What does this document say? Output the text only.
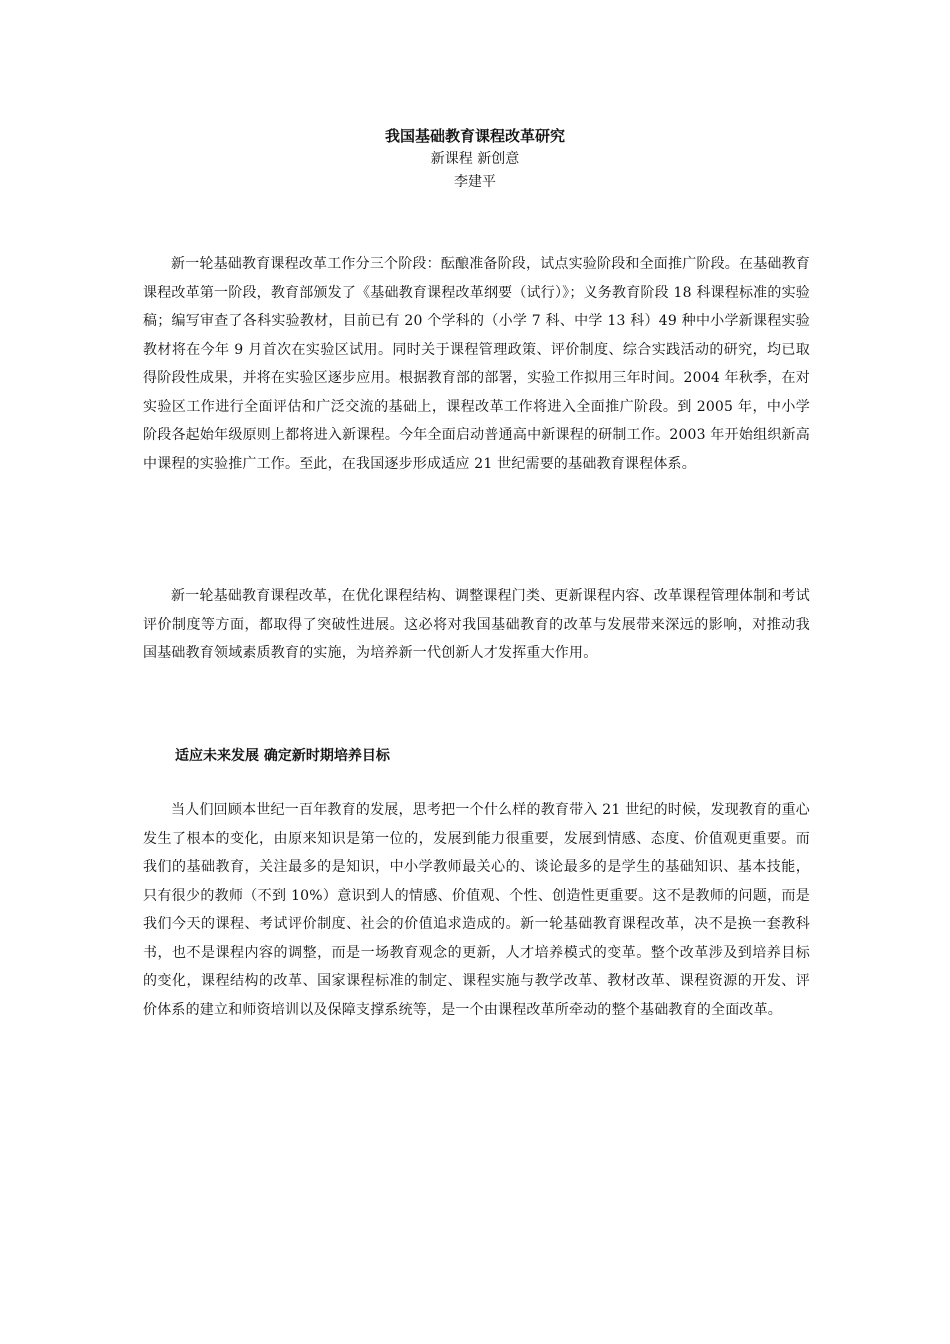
我国基础教育课程改革研究

新课程 新创意

李建平

新一轮基础教育课程改革工作分三个阶段：酝酿准备阶段，试点实验阶段和全面推广阶段。在基础教育课程改革第一阶段，教育部颁发了《基础教育课程改革纲要（试行）》；义务教育阶段 18 科课程标准的实验稿；编写审查了各科实验教材，目前已有 20 个学科的（小学 7 科、中学 13 科）49 种中小学新课程实验教材将在今年 9 月首次在实验区试用。同时关于课程管理政策、评价制度、综合实践活动的研究，均已取得阶段性成果，并将在实验区逐步应用。根据教育部的部署，实验工作拟用三年时间。2004 年秋季，在对实验区工作进行全面评估和广泛交流的基础上，课程改革工作将进入全面推广阶段。到 2005 年，中小学阶段各起始年级原则上都将进入新课程。今年全面启动普通高中新课程的研制工作。2003 年开始组织新高中课程的实验推广工作。至此，在我国逐步形成适应 21 世纪需要的基础教育课程体系。

新一轮基础教育课程改革，在优化课程结构、调整课程门类、更新课程内容、改革课程管理体制和考试评价制度等方面，都取得了突破性进展。这必将对我国基础教育的改革与发展带来深远的影响，对推动我国基础教育领域素质教育的实施，为培养新一代创新人才发挥重大作用。

适应未来发展 确定新时期培养目标

当人们回顾本世纪一百年教育的发展，思考把一个什么样的教育带入 21 世纪的时候，发现教育的重心发生了根本的变化，由原来知识是第一位的，发展到能力很重要，发展到情感、态度、价值观更重要。而我们的基础教育，关注最多的是知识，中小学教师最关心的、谈论最多的是学生的基础知识、基本技能，只有很少的教师（不到 10%）意识到人的情感、价值观、个性、创造性更重要。这不是教师的问题，而是我们今天的课程、考试评价制度、社会的价值追求造成的。新一轮基础教育课程改革，决不是换一套教科书，也不是课程内容的调整，而是一场教育观念的更新，人才培养模式的变革。整个改革涉及到培养目标的变化，课程结构的改革、国家课程标准的制定、课程实施与教学改革、教材改革、课程资源的开发、评价体系的建立和师资培训以及保障支撑系统等，是一个由课程改革所牵动的整个基础教育的全面改革。
